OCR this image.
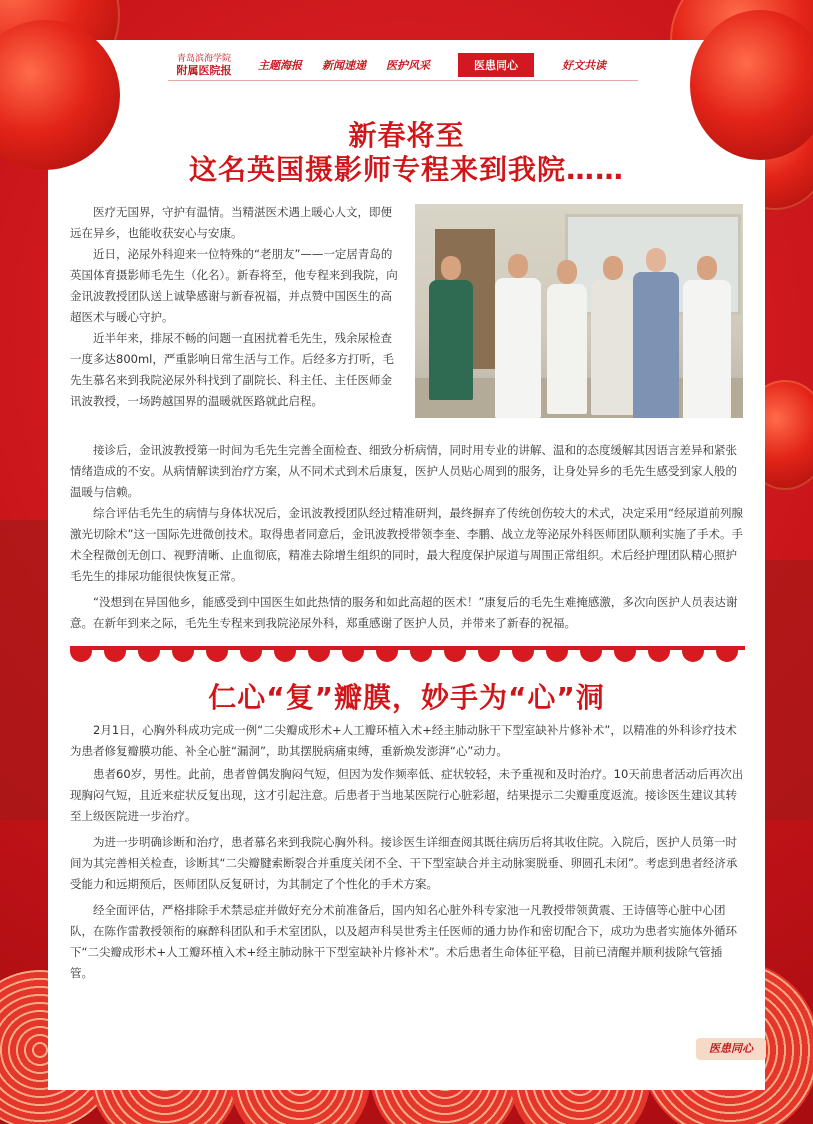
青岛滨海学院
附属医院报	主题海报 新闻速递 医护风采	医患同心	好文共读
新春将至
这名英国摄影师专程来到我院……

医疗无国界，守护有温情。当精湛医术遇上暖心人文，即便远在异乡，也能收获安心与安康。

近日，泌尿外科迎来一位特殊的“老朋友”——一定居青岛的英国体育摄影师毛先生（化名）。新春将至，他专程来到我院，向金讯波教授团队送上诚挚感谢与新春祝福，并点赞中国医生的高超医术与暖心守护。

近半年来，排尿不畅的问题一直困扰着毛先生，残余尿检查一度多达800ml，严重影响日常生活与工作。后经多方打听，毛先生慕名来到我院泌尿外科找到了副院长、科主任、主任医师金讯波教授，一场跨越国界的温暖就医路就此启程。

接诊后，金讯波教授第一时间为毛先生完善全面检查、细致分析病情，同时用专业的讲解、温和的态度缓解其因语言差异和紧张情绪造成的不安。从病情解读到治疗方案，从不同术式到术后康复，医护人员贴心周到的服务，让身处异乡的毛先生感受到家人般的温暖与信赖。

综合评估毛先生的病情与身体状况后，金讯波教授团队经过精准研判，最终摒弃了传统创伤较大的术式，决定采用“经尿道前列腺激光切除术”这一国际先进微创技术。取得患者同意后，金讯波教授带领李奎、李鹏、战立龙等泌尿外科医师团队顺利实施了手术。手术全程微创无创口、视野清晰、止血彻底，精准去除增生组织的同时，最大程度保护尿道与周围正常组织。术后经护理团队精心照护毛先生的排尿功能很快恢复正常。

“没想到在异国他乡，能感受到中国医生如此热情的服务和如此高超的医术！”康复后的毛先生难掩感激，多次向医护人员表达谢意。在新年到来之际，毛先生专程来到我院泌尿外科，郑重感谢了医护人员，并带来了新春的祝福。

仁心“复”瓣膜，妙手为“心”洞

2月1日，心胸外科成功完成一例“二尖瓣成形术+人工瓣环植入术+经主肺动脉干下型室缺补片修补术”，以精准的外科诊疗技术为患者修复瓣膜功能、补全心脏“漏洞”，助其摆脱病痛束缚，重新焕发澎湃“心”动力。

患者60岁，男性。此前，患者曾偶发胸闷气短，但因为发作频率低、症状较轻，未予重视和及时治疗。10天前患者活动后再次出现胸闷气短，且近来症状反复出现，这才引起注意。后患者于当地某医院行心脏彩超，结果提示二尖瓣重度返流。接诊医生建议其转至上级医院进一步治疗。

为进一步明确诊断和治疗，患者慕名来到我院心胸外科。接诊医生详细查阅其既往病历后将其收住院。入院后，医护人员第一时间为其完善相关检查，诊断其“二尖瓣腱索断裂合并重度关闭不全、干下型室缺合并主动脉窦脱垂、卵圆孔未闭”。考虑到患者经济承受能力和远期预后，医师团队反复研讨，为其制定了个性化的手术方案。

经全面评估，严格排除手术禁忌症并做好充分术前准备后，国内知名心脏外科专家池一凡教授带领黄震、王诗僖等心脏中心团队，在陈作雷教授领衔的麻醉科团队和手术室团队，以及超声科吴世秀主任医师的通力协作和密切配合下，成功为患者实施体外循环下“二尖瓣成形术+人工瓣环植入术+经主肺动脉干下型室缺补片修补术”。术后患者生命体征平稳，目前已清醒并顺利拔除气管插管。

医患同心
百姓健康的靠山，就医者信赖医院，国际一流医学中心
